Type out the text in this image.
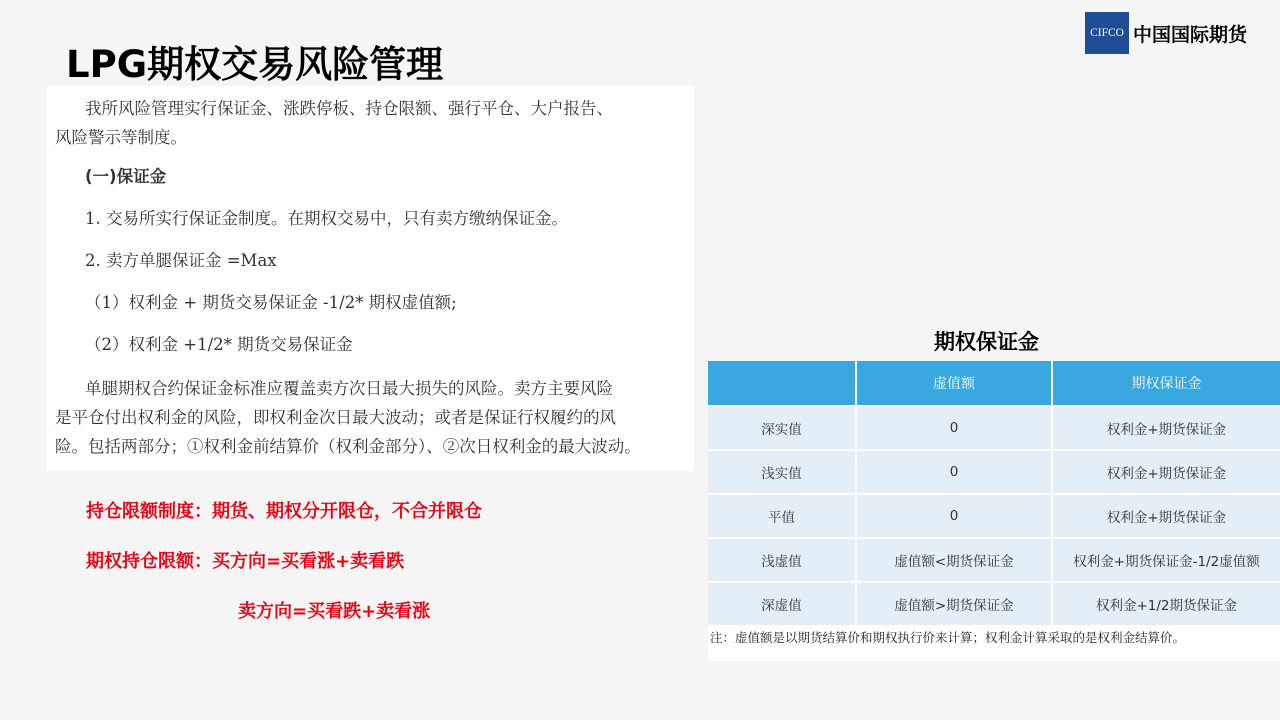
LPG期权交易风险管理
CIFCO 中国国际期货

我所风险管理实行保证金、涨跌停板、持仓限额、强行平仓、大户报告、

风险警示等制度。

(一)保证金

1. 交易所实行保证金制度。在期权交易中，只有卖方缴纳保证金。

2. 卖方单腿保证金 =Max

（1）权利金 + 期货交易保证金 -1/2* 期权虚值额;

（2）权利金 +1/2* 期货交易保证金

单腿期权合约保证金标准应覆盖卖方次日最大损失的风险。卖方主要风险

是平仓付出权利金的风险，即权利金次日最大波动；或者是保证行权履约的风

险。包括两部分；①权利金前结算价（权利金部分）、②次日权利金的最大波动。

持仓限额制度：期货、期权分开限仓，不合并限仓
期权持仓限额：买方向=买看涨+卖看跌
卖方向=买看跌+卖看涨
期权保证金
	虚值额	期权保证金
深实值	0	权利金+期货保证金
浅实值	0	权利金+期货保证金
平值	0	权利金+期货保证金
浅虚值	虚值额<期货保证金	权利金+期货保证金-1/2虚值额
深虚值	虚值额>期货保证金	权利金+1/2期货保证金
注：虚值额是以期货结算价和期权执行价来计算；权利金计算采取的是权利金结算价。
